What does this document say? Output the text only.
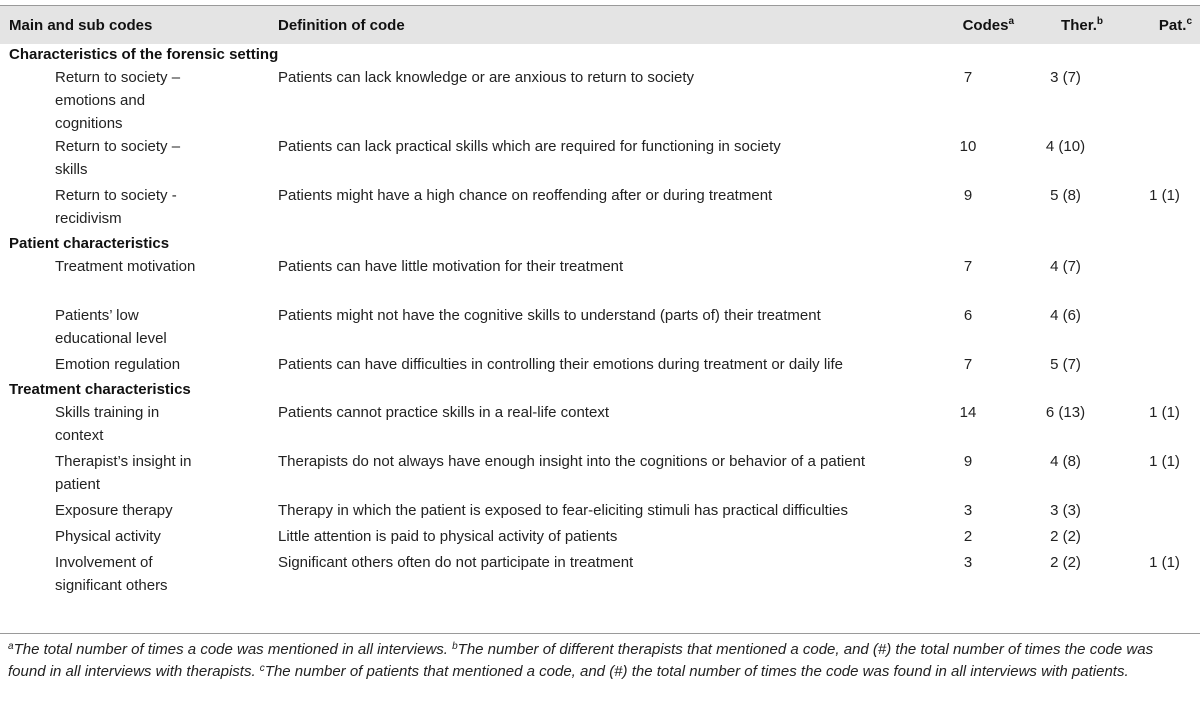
Main and sub codes	Definition of code	Codes$^a$	Ther.$^b$	Pat.$^c$
Characteristics of the forensic setting				
Return to society – emotions and cognitions	Patients can lack knowledge or are anxious to return to society	7	3 (7)	
Return to society – skills	Patients can lack practical skills which are required for functioning in society	10	4 (10)	
Return to society - recidivism	Patients might have a high chance on reoffending after or during treatment	9	5 (8)	1 (1)
Patient characteristics				
Treatment motivation	Patients can have little motivation for their treatment	7	4 (7)	
Patients’ low educational level	Patients might not have the cognitive skills to understand (parts of) their treatment	6	4 (6)	
Emotion regulation	Patients can have difficulties in controlling their emotions during treatment or daily life	7	5 (7)	
Treatment characteristics				
Skills training in context	Patients cannot practice skills in a real-life context	14	6 (13)	1 (1)
Therapist’s insight in patient	Therapists do not always have enough insight into the cognitions or behavior of a patient	9	4 (8)	1 (1)
Exposure therapy	Therapy in which the patient is exposed to fear-eliciting stimuli has practical difficulties	3	3 (3)	
Physical activity	Little attention is paid to physical activity of patients	2	2 (2)	
Involvement of significant others	Significant others often do not participate in treatment	3	2 (2)	1 (1)
$^a$The total number of times a code was mentioned in all interviews. $^b$The number of different therapists that mentioned a code, and (#) the total number of times the code was found in all interviews with therapists. $^c$The number of patients that mentioned a code, and (#) the total number of times the code was found in all interviews with patients.
